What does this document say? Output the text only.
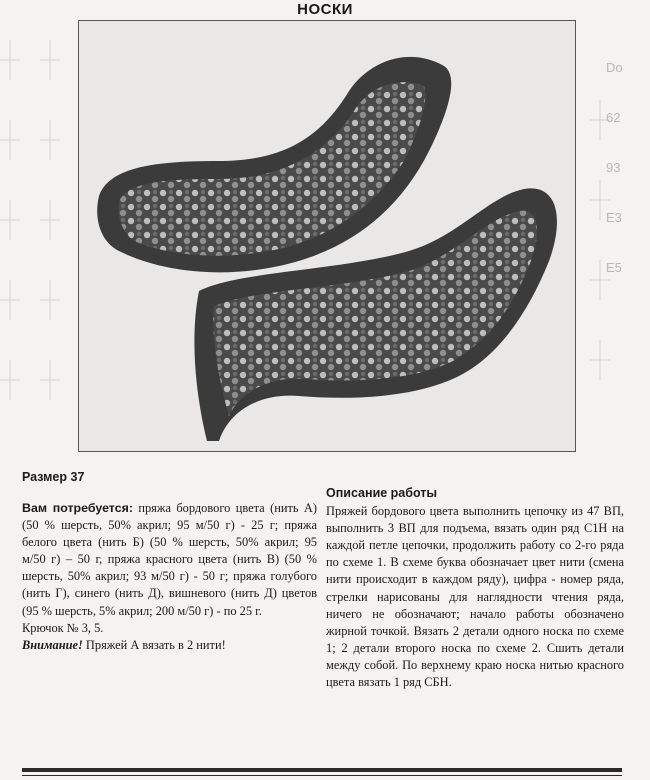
НОСКИ
Do
62
93
E3
E5
Размер 37

Вам потребуется: пряжа бордового цвета (нить А) (50 % шерсть, 50% акрил; 95 м/50 г) - 25 г; пряжа белого цвета (нить Б) (50 % шерсть, 50% акрил; 95 м/50 г) – 50 г, пряжа красного цвета (нить В) (50 % шерсть, 50% акрил; 93 м/50 г) - 50 г; пряжа голубого (нить Г), синего (нить Д), вишневого (нить Д) цветов (95 % шерсть, 5% акрил; 200 м/50 г) - по 25 г.

Крючок № 3, 5.

Внимание! Пряжей А вязать в 2 нити!

Описание работы

Пряжей бордового цвета выполнить цепочку из 47 ВП, выполнить 3 ВП для подъема, вязать один ряд С1Н на каждой петле цепочки, продолжить работу со 2-го ряда по схеме 1. В схеме буква обозначает цвет нити (смена нити происходит в каждом ряду), цифра - номер ряда, стрелки нарисованы для наглядности чтения ряда, ничего не обозначают; начало работы обозначено жирной точкой. Вязать 2 детали одного носка по схеме 1; 2 детали второго носка по схеме 2. Сшить детали между собой. По верхнему краю носка нитью красного цвета вязать 1 ряд СБН.
